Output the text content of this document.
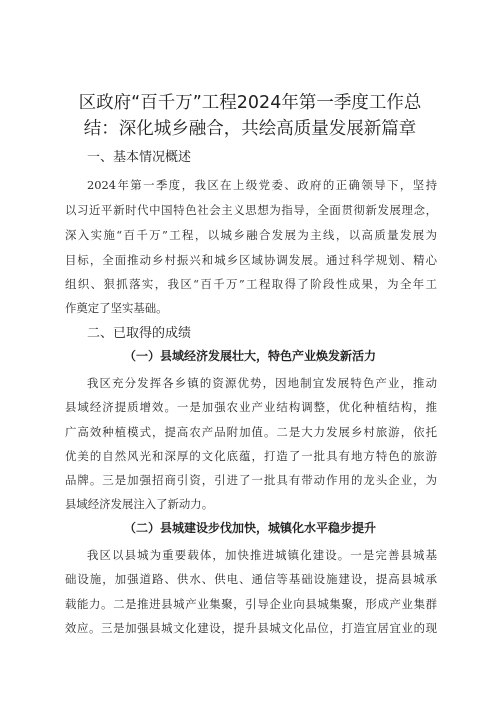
区政府“百千万”工程2024年第一季度工作总
结：深化城乡融合，共绘高质量发展新篇章
一、基本情况概述

2024年第一季度，我区在上级党委、政府的正确领导下，坚持

以习近平新时代中国特色社会主义思想为指导，全面贯彻新发展理念，

深入实施“百千万”工程，以城乡融合发展为主线，以高质量发展为

目标，全面推动乡村振兴和城乡区域协调发展。通过科学规划、精心

组织、狠抓落实，我区“百千万”工程取得了阶段性成果，为全年工

作奠定了坚实基础。

二、已取得的成绩
（一）县域经济发展壮大，特色产业焕发新活力

我区充分发挥各乡镇的资源优势，因地制宜发展特色产业，推动

县域经济提质增效。一是加强农业产业结构调整，优化种植结构，推

广高效种植模式，提高农产品附加值。二是大力发展乡村旅游，依托

优美的自然风光和深厚的文化底蕴，打造了一批具有地方特色的旅游

品牌。三是加强招商引资，引进了一批具有带动作用的龙头企业，为

县域经济发展注入了新动力。

（二）县城建设步伐加快，城镇化水平稳步提升

我区以县城为重要载体，加快推进城镇化建设。一是完善县城基

础设施，加强道路、供水、供电、通信等基础设施建设，提高县城承

载能力。二是推进县城产业集聚，引导企业向县城集聚，形成产业集群

效应。三是加强县城文化建设，提升县城文化品位，打造宜居宜业的现
